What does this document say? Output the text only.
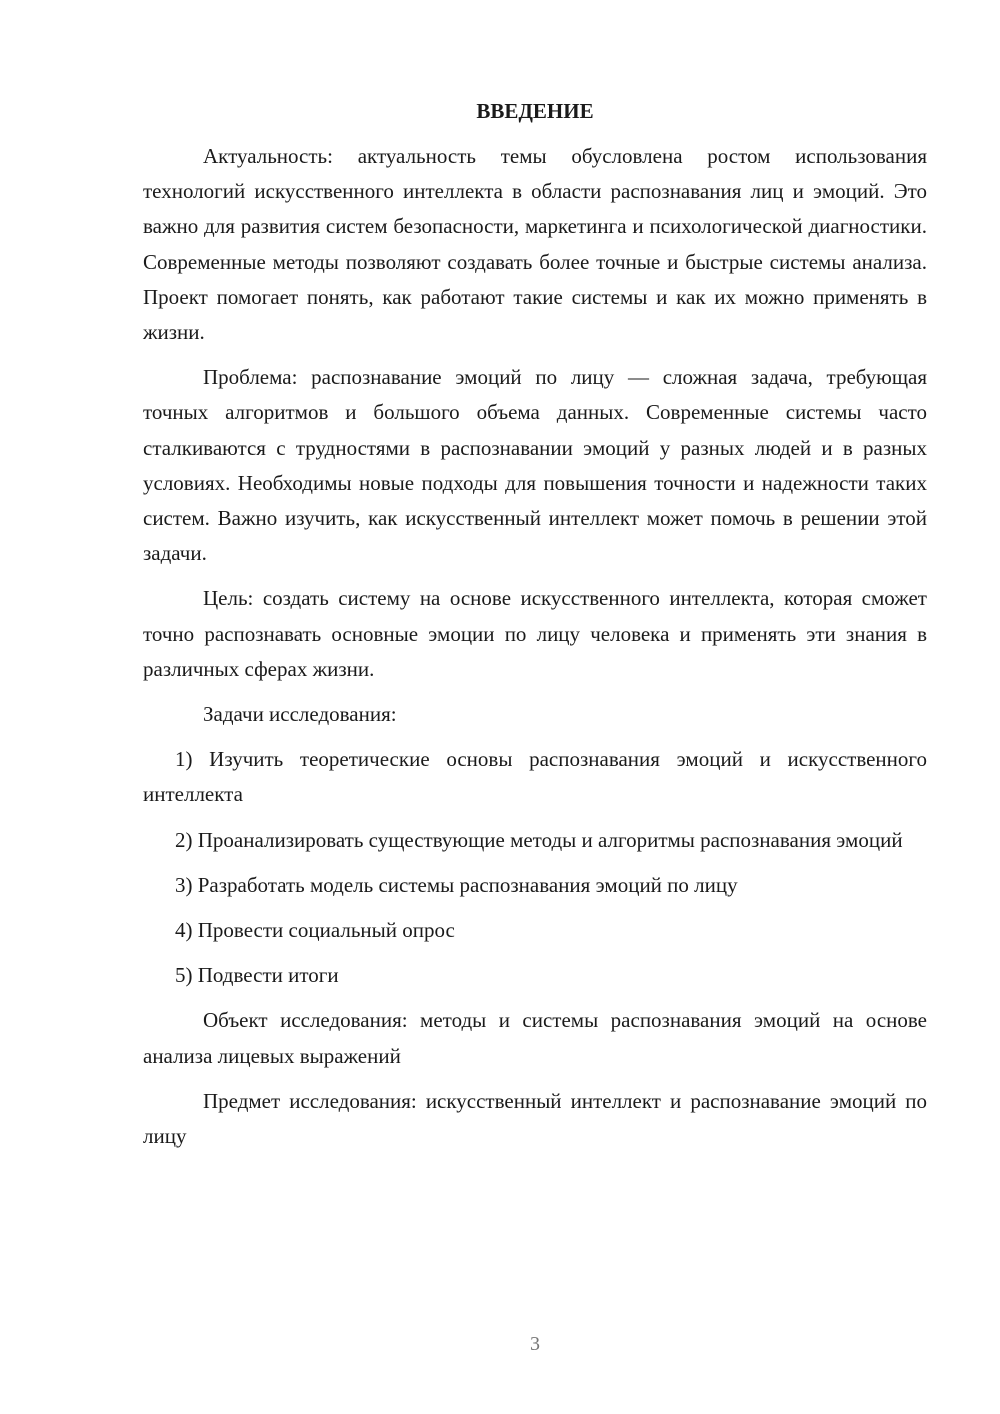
ВВЕДЕНИЕ

Актуальность: актуальность темы обусловлена ростом использования технологий искусственного интеллекта в области распознавания лиц и эмоций. Это важно для развития систем безопасности, маркетинга и психологической диагностики. Современные методы позволяют создавать более точные и быстрые системы анализа. Проект помогает понять, как работают такие системы и как их можно применять в жизни.

Проблема: распознавание эмоций по лицу — сложная задача, требующая точных алгоритмов и большого объема данных. Современные системы часто сталкиваются с трудностями в распознавании эмоций у разных людей и в разных условиях. Необходимы новые подходы для повышения точности и надежности таких систем. Важно изучить, как искусственный интеллект может помочь в решении этой задачи.

Цель: создать систему на основе искусственного интеллекта, которая сможет точно распознавать основные эмоции по лицу человека и применять эти знания в различных сферах жизни.

Задачи исследования:

1) Изучить теоретические основы распознавания эмоций и искусственного интеллекта

2) Проанализировать существующие методы и алгоритмы распознавания эмоций

3) Разработать модель системы распознавания эмоций по лицу

4) Провести социальный опрос

5) Подвести итоги

Объект исследования: методы и системы распознавания эмоций на основе анализа лицевых выражений

Предмет исследования: искусственный интеллект и распознавание эмоций по лицу

3
